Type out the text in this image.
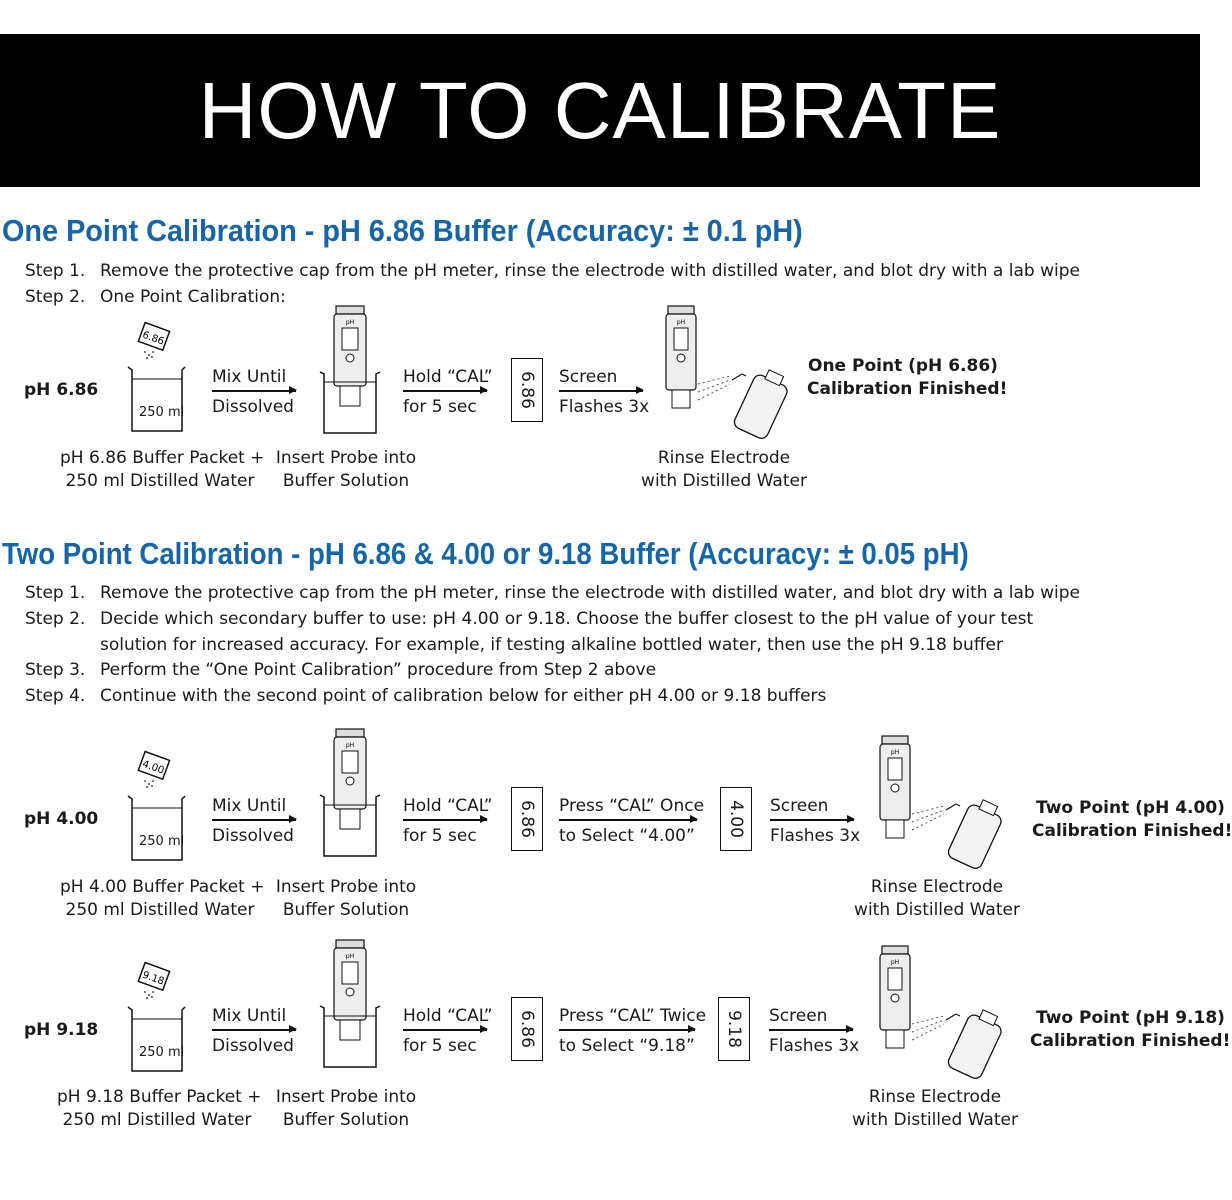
HOW TO CALIBRATE
One Point Calibration - pH 6.86 Buffer (Accuracy: ± 0.1 pH)
Step 1. Remove the protective cap from the pH meter, rinse the electrode with distilled water, and blot dry with a lab wipe
Step 2. One Point Calibration:
pH 6.86
6.86
250 ml
Mix Until
Dissolved
pH
Hold “CAL”
for 5 sec 6.86 Screen
Flashes 3x
pH
One Point (pH 6.86)
Calibration Finished!
pH 6.86 Buffer Packet +
250 ml Distilled Water
Insert Probe into
Buffer Solution
Rinse Electrode
with Distilled Water
Two Point Calibration - pH 6.86 & 4.00 or 9.18 Buffer (Accuracy: ± 0.05 pH)
Step 1. Remove the protective cap from the pH meter, rinse the electrode with distilled water, and blot dry with a lab wipe
Step 2. Decide which secondary buffer to use: pH 4.00 or 9.18. Choose the buffer closest to the pH value of your test
solution for increased accuracy. For example, if testing alkaline bottled water, then use the pH 9.18 buffer
Step 3. Perform the “One Point Calibration” procedure from Step 2 above
Step 4. Continue with the second point of calibration below for either pH 4.00 or 9.18 buffers
pH 4.00
4.00
250 ml
Mix Until
Dissolved
pH
Hold “CAL”
for 5 sec 6.86 Press “CAL” Once
to Select “4.00” 4.00 Screen
Flashes 3x
pH
Two Point (pH 4.00)
Calibration Finished!
pH 4.00 Buffer Packet +
250 ml Distilled Water
Insert Probe into
Buffer Solution
Rinse Electrode
with Distilled Water
pH 9.18
9.18
250 ml
Mix Until
Dissolved
pH
Hold “CAL”
for 5 sec 6.86 Press “CAL” Twice
to Select “9.18” 9.18 Screen
Flashes 3x
pH
Two Point (pH 9.18)
Calibration Finished!
pH 9.18 Buffer Packet +
250 ml Distilled Water
Insert Probe into
Buffer Solution
Rinse Electrode
with Distilled Water
